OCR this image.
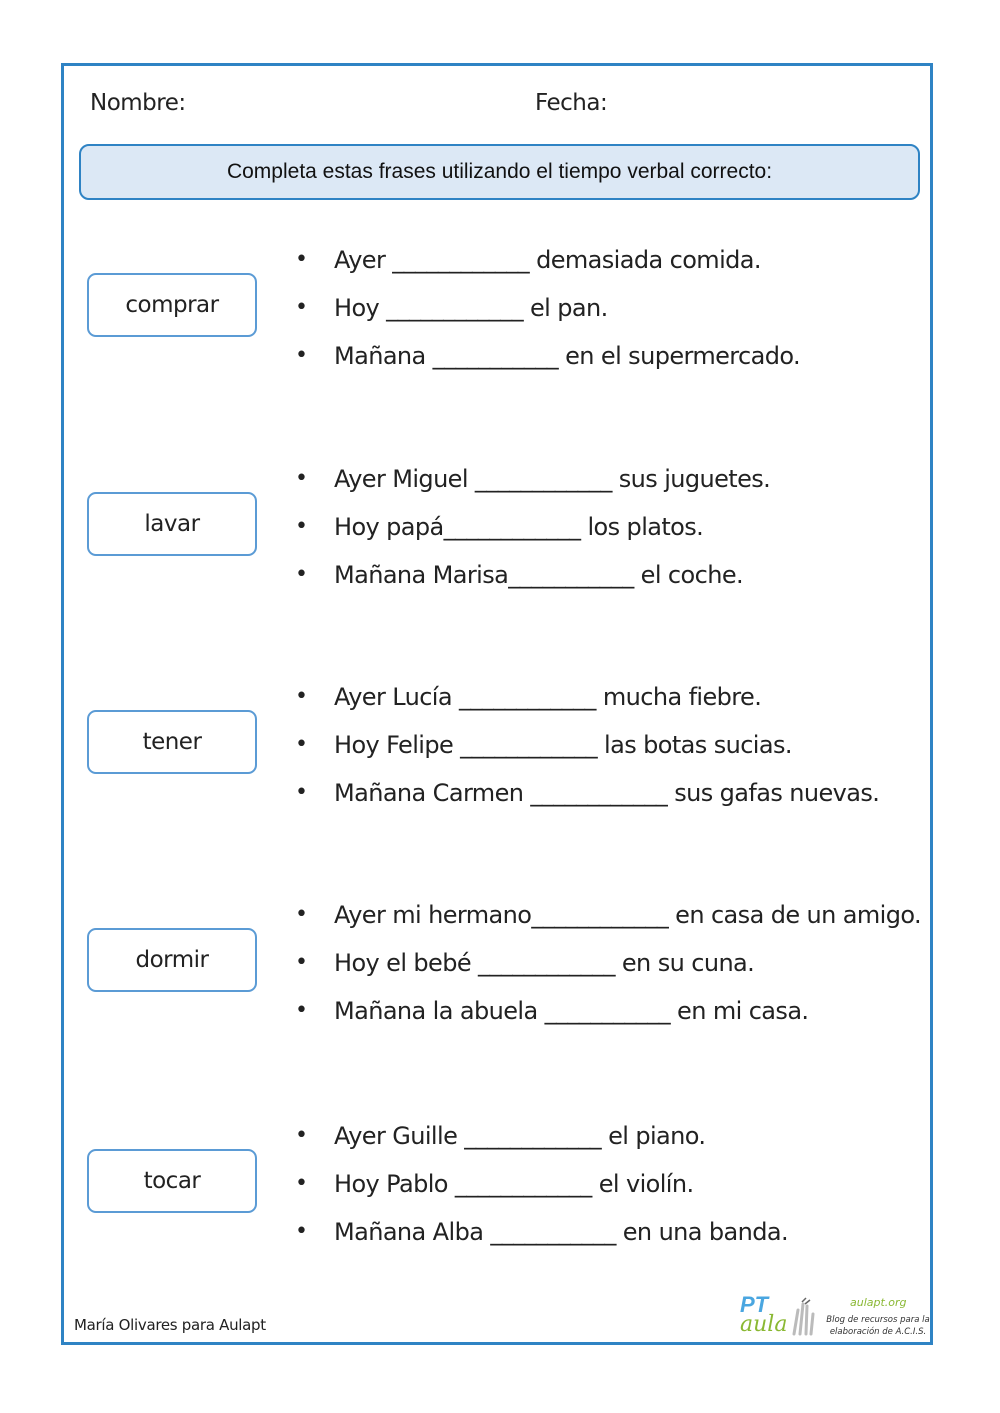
Nombre:	Fecha:
Completa estas frases utilizando el tiempo verbal correcto:
comprar
• Ayer ____________ demasiada comida.
• Hoy ____________ el pan.
• Mañana ___________ en el supermercado.
lavar
• Ayer Miguel ____________ sus juguetes.
• Hoy papá____________ los platos.
• Mañana Marisa___________ el coche.
tener
• Ayer Lucía ____________ mucha fiebre.
• Hoy Felipe ____________ las botas sucias.
• Mañana Carmen ____________ sus gafas nuevas.
dormir
• Ayer mi hermano____________ en casa de un amigo.
• Hoy el bebé ____________ en su cuna.
• Mañana la abuela ___________ en mi casa.
tocar
• Ayer Guille ____________ el piano.
• Hoy Pablo ____________ el violín.
• Mañana Alba ___________ en una banda.
María Olivares para Aulapt
PT
aula
aulapt.org
Blog de recursos para la elaboración de A.C.I.S.
